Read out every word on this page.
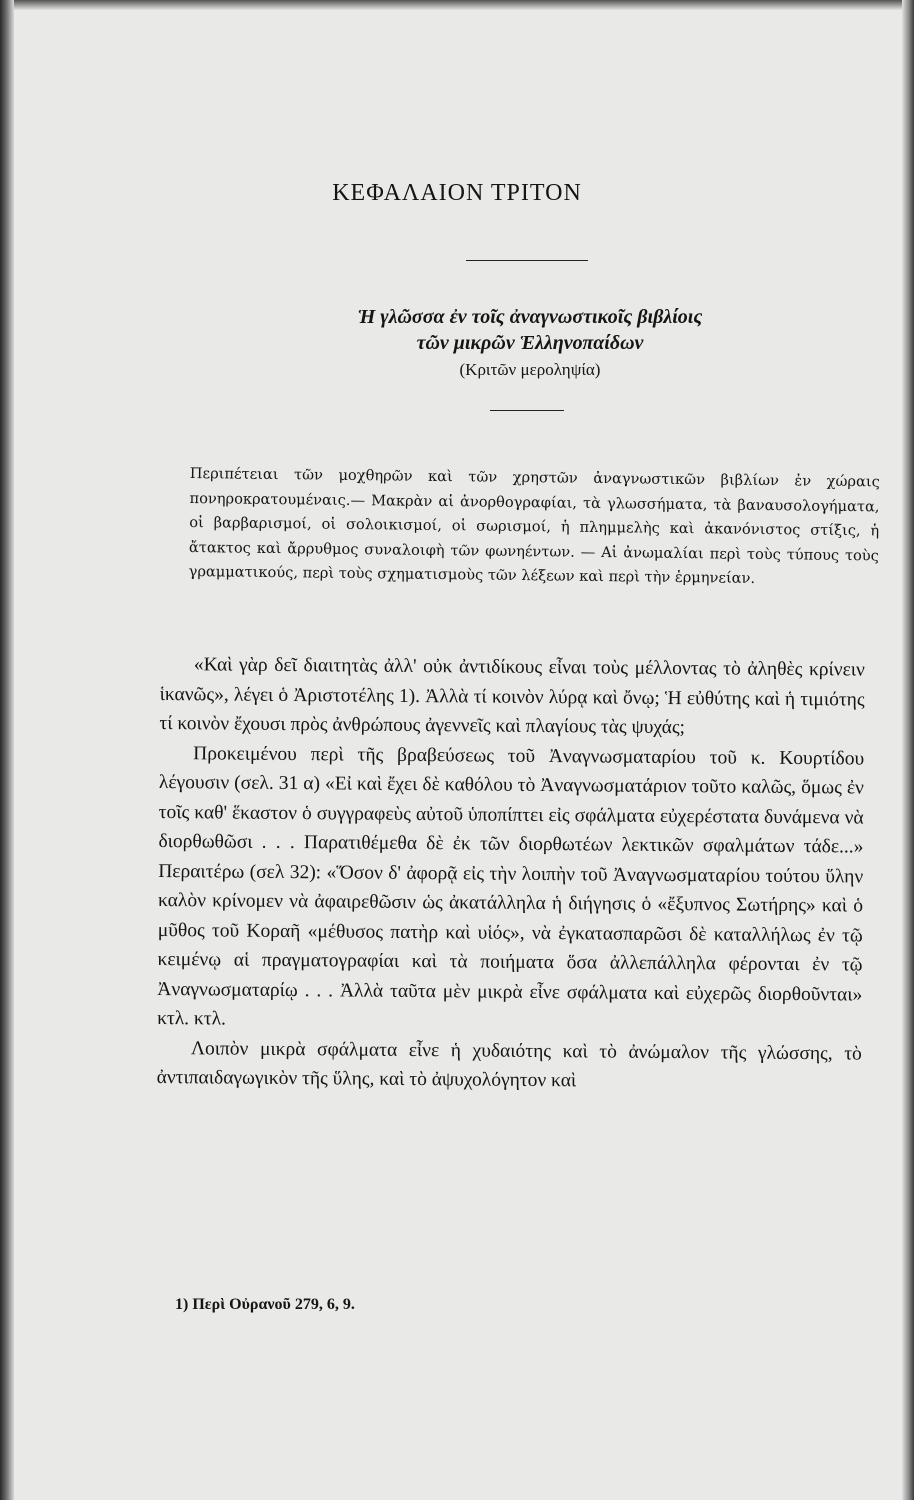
ΚΕΦΑΛΑΙΟΝ ΤΡΙΤΟΝ
Ἡ γλῶσσα ἐν τοῖς ἀναγνωστικοῖς βιβλίοις
τῶν μικρῶν Ἑλληνοπαίδων
(Κριτῶν μεροληψία)

Περιπέτειαι τῶν μοχθηρῶν καὶ τῶν χρηστῶν ἀναγνωστικῶν βιβλίων ἐν χώραις πονηροκρατουμέναις.— Μακρὰν αἱ ἀνορθογραφίαι, τὰ γλωσσήματα, τὰ βαναυσολογήματα, οἱ βαρβαρισμοί, οἱ σολοικισμοί, οἱ σωρισμοί, ἡ πλημμελὴς καὶ ἀκανόνιστος στίξις, ἡ ἄτακτος καὶ ἄρρυθμος συναλοιφὴ τῶν φωνηέντων. — Αἱ ἀνωμαλίαι περὶ τοὺς τύπους τοὺς γραμματικούς, περὶ τοὺς σχηματισμοὺς τῶν λέξεων καὶ περὶ τὴν ἑρμηνείαν.

«Καὶ γὰρ δεῖ διαιτητὰς ἀλλ' οὐκ ἀντιδίκους εἶναι τοὺς μέλλοντας τὸ ἀληθὲς κρίνειν ἱκανῶς», λέγει ὁ Ἀριστοτέλης 1). Ἀλλὰ τί κοινὸν λύρᾳ καὶ ὄνῳ; Ἡ εὐθύτης καὶ ἡ τιμιότης τί κοινὸν ἔχουσι πρὸς ἀνθρώπους ἀγεννεῖς καὶ πλαγίους τὰς ψυχάς;

Προκειμένου περὶ τῆς βραβεύσεως τοῦ Ἀναγνωσματαρίου τοῦ κ. Κουρτίδου λέγουσιν (σελ. 31 α) «Εἰ καὶ ἔχει δὲ καθόλου τὸ Ἀναγνωσματάριον τοῦτο καλῶς, ὅμως ἐν τοῖς καθ' ἕκαστον ὁ συγγραφεὺς αὐτοῦ ὑποπίπτει εἰς σφάλματα εὐχερέστατα δυνάμενα νὰ διορθωθῶσι . . . Παρατιθέμεθα δὲ ἐκ τῶν διορθωτέων λεκτικῶν σφαλμάτων τάδε...» Περαιτέρω (σελ 32): «Ὅσον δ' ἀφορᾷ εἰς τὴν λοιπὴν τοῦ Ἀναγνωσματαρίου τούτου ὕλην καλὸν κρίνομεν νὰ ἀφαιρεθῶσιν ὡς ἀκατάλληλα ἡ διήγησις ὁ «ἔξυπνος Σωτήρης» καὶ ὁ μῦθος τοῦ Κοραῆ «μέθυσος πατὴρ καὶ υἱός», νὰ ἐγκατασπαρῶσι δὲ καταλλήλως ἐν τῷ κειμένῳ αἱ πραγματογραφίαι καὶ τὰ ποιήματα ὅσα ἀλλεπάλληλα φέρονται ἐν τῷ Ἀναγνωσματαρίῳ . . . Ἀλλὰ ταῦτα μὲν μικρὰ εἶνε σφάλματα καὶ εὐχερῶς διορθοῦνται» κτλ. κτλ.

Λοιπὸν μικρὰ σφάλματα εἶνε ἡ χυδαιότης καὶ τὸ ἀνώμαλον τῆς γλώσσης, τὸ ἀντιπαιδαγωγικὸν τῆς ὕλης, καὶ τὸ ἀψυχολόγητον καὶ

1) Περὶ Οὐρανοῦ 279, 6, 9.
